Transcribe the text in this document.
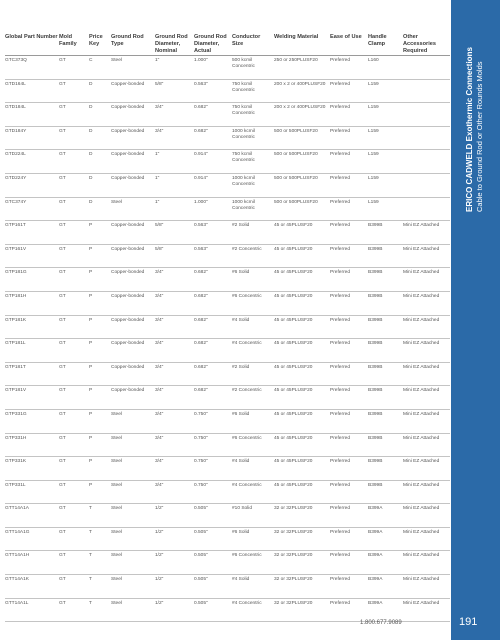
Global Part Number	Mold Family	Price Key	Ground Rod Type	Ground Rod Diameter, Nominal	Ground Rod Diameter, Actual	Conductor Size	Welding Material	Ease of Use	Handle Clamp	Other Accessories Required
GTC373Q	GT	C	Steel	1"	1.000"	500 kcmil Concentric	250 or 250PLUSF20	Preferred	L160	
GTD164L	GT	D	Copper-bonded	5/8"	0.563"	750 kcmil Concentric	200 x 2 or 400PLUSF20	Preferred	L159	
GTD184L	GT	D	Copper-bonded	3/4"	0.682"	750 kcmil Concentric	200 x 2 or 400PLUSF20	Preferred	L159	
GTD184Y	GT	D	Copper-bonded	3/4"	0.682"	1000 kcmil Concentric	500 or 500PLUSF20	Preferred	L159	
GTD224L	GT	D	Copper-bonded	1"	0.914"	750 kcmil Concentric	500 or 500PLUSF20	Preferred	L159	
GTD224Y	GT	D	Copper-bonded	1"	0.914"	1000 kcmil Concentric	500 or 500PLUSF20	Preferred	L159	
GTC374Y	GT	D	Steel	1"	1.000"	1000 kcmil Concentric	500 or 500PLUSF20	Preferred	L159	
GTP161T	GT	P	Copper-bonded	5/8"	0.563"	#2 Solid	45 or 45PLUSF20	Preferred	B399B	Mini EZ Attached
GTP161V	GT	P	Copper-bonded	5/8"	0.563"	#2 Concentric	45 or 45PLUSF20	Preferred	B399B	Mini EZ Attached
GTP181G	GT	P	Copper-bonded	3/4"	0.682"	#6 Solid	45 or 45PLUSF20	Preferred	B399B	Mini EZ Attached
GTP181H	GT	P	Copper-bonded	3/4"	0.682"	#6 Concentric	45 or 45PLUSF20	Preferred	B399B	Mini EZ Attached
GTP181K	GT	P	Copper-bonded	3/4"	0.682"	#4 Solid	45 or 45PLUSF20	Preferred	B399B	Mini EZ Attached
GTP181L	GT	P	Copper-bonded	3/4"	0.682"	#4 Concentric	45 or 45PLUSF20	Preferred	B399B	Mini EZ Attached
GTP181T	GT	P	Copper-bonded	3/4"	0.682"	#2 Solid	45 or 45PLUSF20	Preferred	B399B	Mini EZ Attached
GTP181V	GT	P	Copper-bonded	3/4"	0.682"	#2 Concentric	45 or 45PLUSF20	Preferred	B399B	Mini EZ Attached
GTP331G	GT	P	Steel	3/4"	0.750"	#6 Solid	45 or 45PLUSF20	Preferred	B399B	Mini EZ Attached
GTP331H	GT	P	Steel	3/4"	0.750"	#6 Concentric	45 or 45PLUSF20	Preferred	B399B	Mini EZ Attached
GTP331K	GT	P	Steel	3/4"	0.750"	#4 Solid	45 or 45PLUSF20	Preferred	B399B	Mini EZ Attached
GTP331L	GT	P	Steel	3/4"	0.750"	#4 Concentric	45 or 45PLUSF20	Preferred	B399B	Mini EZ Attached
GTT14A1A	GT	T	Steel	1/2"	0.505"	#10 Solid	32 or 32PLUSF20	Preferred	B399A	Mini EZ Attached
GTT14A1G	GT	T	Steel	1/2"	0.505"	#6 Solid	32 or 32PLUSF20	Preferred	B399A	Mini EZ Attached
GTT14A1H	GT	T	Steel	1/2"	0.505"	#6 Concentric	32 or 32PLUSF20	Preferred	B399A	Mini EZ Attached
GTT14A1K	GT	T	Steel	1/2"	0.505"	#4 Solid	32 or 32PLUSF20	Preferred	B399A	Mini EZ Attached
GTT14A1L	GT	T	Steel	1/2"	0.505"	#4 Concentric	32 or 32PLUSF20	Preferred	B399A	Mini EZ Attached
ERICO CADWELD Exothermic Connections Cable to Ground Rod or Other Rounds Molds
1.800.677.9089	191
